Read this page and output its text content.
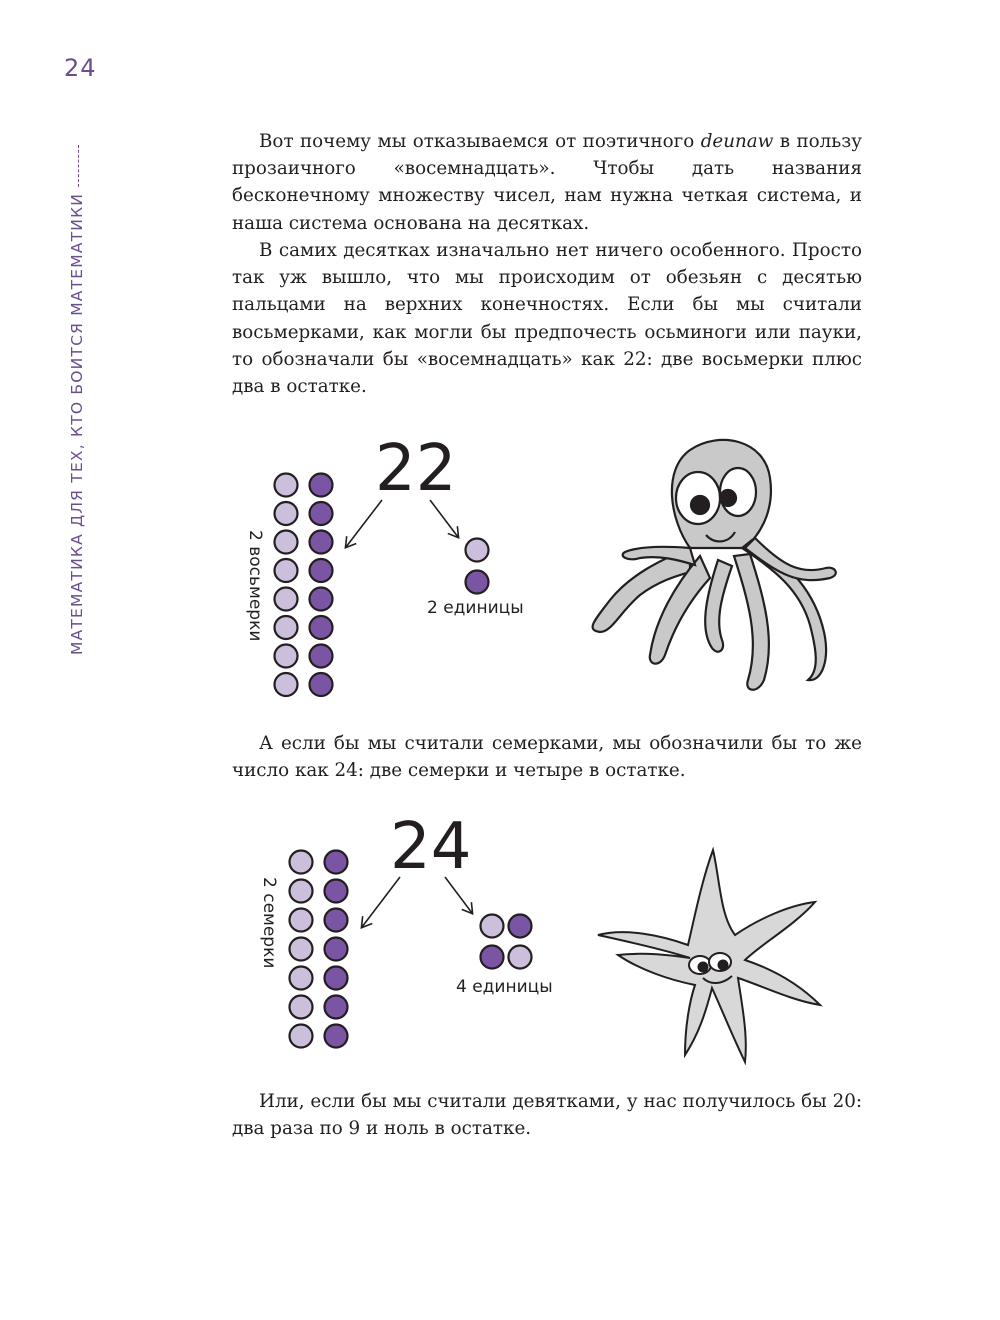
24
МАТЕМАТИКА ДЛЯ ТЕХ, КТО БОИТСЯ МАТЕМАТИКИ

Вот почему мы отказываемся от поэтичного deunaw в пользу прозаичного «восемнадцать». Чтобы дать названия бесконечному множеству чисел, нам нужна четкая система, и наша система основана на десятках.

В самих десятках изначально нет ничего особенного. Просто так уж вышло, что мы происходим от обезьян с десятью пальцами на верхних конечностях. Если бы мы считали восьмерками, как могли бы предпочесть осьминоги или пауки, то обозначали бы «восемнадцать» как 22: две восьмерки плюс два в остатке.

22
2 восьмерки	2 единицы

А если бы мы считали семерками, мы обозначили бы то же число как 24: две семерки и четыре в остатке.

24
2 семерки
4 единицы

Или, если бы мы считали девятками, у нас получилось бы 20: два раза по 9 и ноль в остатке.
